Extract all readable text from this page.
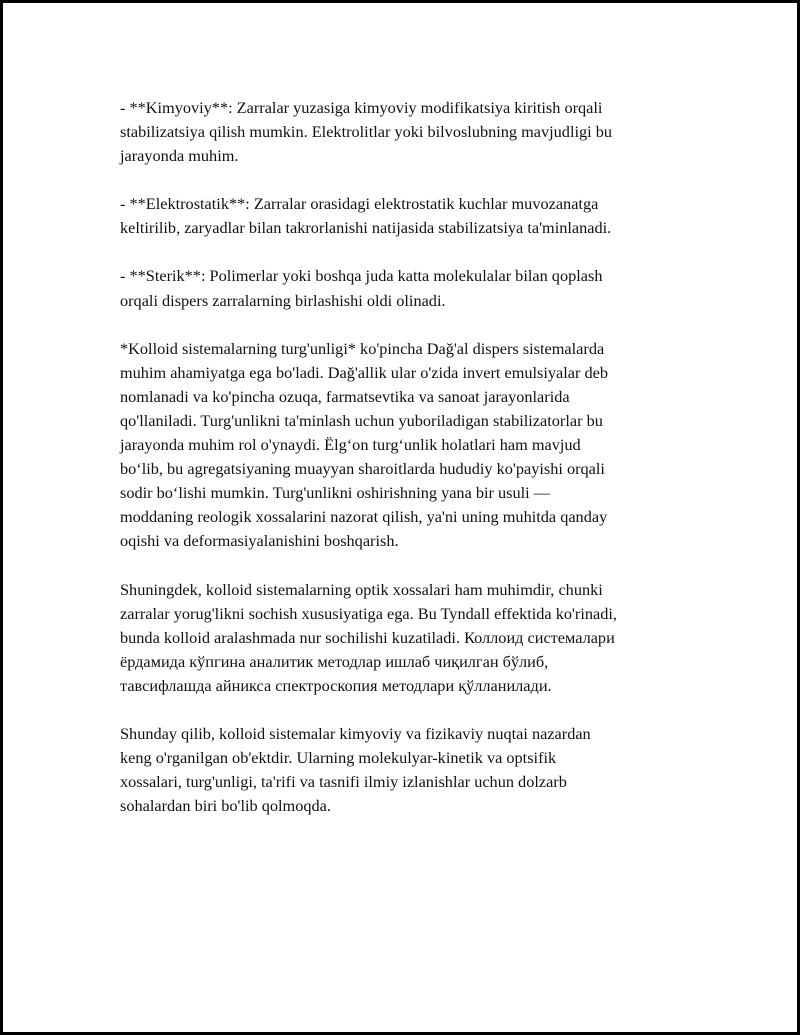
- **Kimyoviy**: Zarralar yuzasiga kimyoviy modifikatsiya kiritish orqali
stabilizatsiya qilish mumkin. Elektrolitlar yoki bilvoslubning mavjudligi bu
jarayonda muhim.

- **Elektrostatik**: Zarralar orasidagi elektrostatik kuchlar muvozanatga
keltirilib, zaryadlar bilan takrorlanishi natijasida stabilizatsiya ta'minlanadi.

- **Sterik**: Polimerlar yoki boshqa juda katta molekulalar bilan qoplash
orqali dispers zarralarning birlashishi oldi olinadi.

*Kolloid sistemalarning turg'unligi* ko'pincha Dağ'al dispers sistemalarda
muhim ahamiyatga ega bo'ladi. Dağ'allik ular o'zida invert emulsiyalar deb
nomlanadi va ko'pincha ozuqa, farmatsevtika va sanoat jarayonlarida
qo'llaniladi. Turg'unlikni ta'minlash uchun yuboriladigan stabilizatorlar bu
jarayonda muhim rol o'ynaydi. Ëlg‘on turg‘unlik holatlari ham mavjud
bo‘lib, bu agregatsiyaning muayyan sharoitlarda hududiy ko'payishi orqali
sodir bo‘lishi mumkin. Turg'unlikni oshirishning yana bir usuli —
moddaning reologik xossalarini nazorat qilish, ya'ni uning muhitda qanday
oqishi va deformasiyalanishini boshqarish.

Shuningdek, kolloid sistemalarning optik xossalari ham muhimdir, chunki
zarralar yorug'likni sochish xususiyatiga ega. Bu Tyndall effektida ko'rinadi,
bunda kolloid aralashmada nur sochilishi kuzatiladi. Коллоид системалари
ёрдамида кўпгина аналитик методлар ишлаб чиқилган бўлиб,
тавсифлашда айникса спектроскопия методлари қўлланилади.

Shunday qilib, kolloid sistemalar kimyoviy va fizikaviy nuqtai nazardan
keng o'rganilgan ob'ektdir. Ularning molekulyar-kinetik va optsifik
xossalari, turg'unligi, ta'rifi va tasnifi ilmiy izlanishlar uchun dolzarb
sohalardan biri bo'lib qolmoqda.
